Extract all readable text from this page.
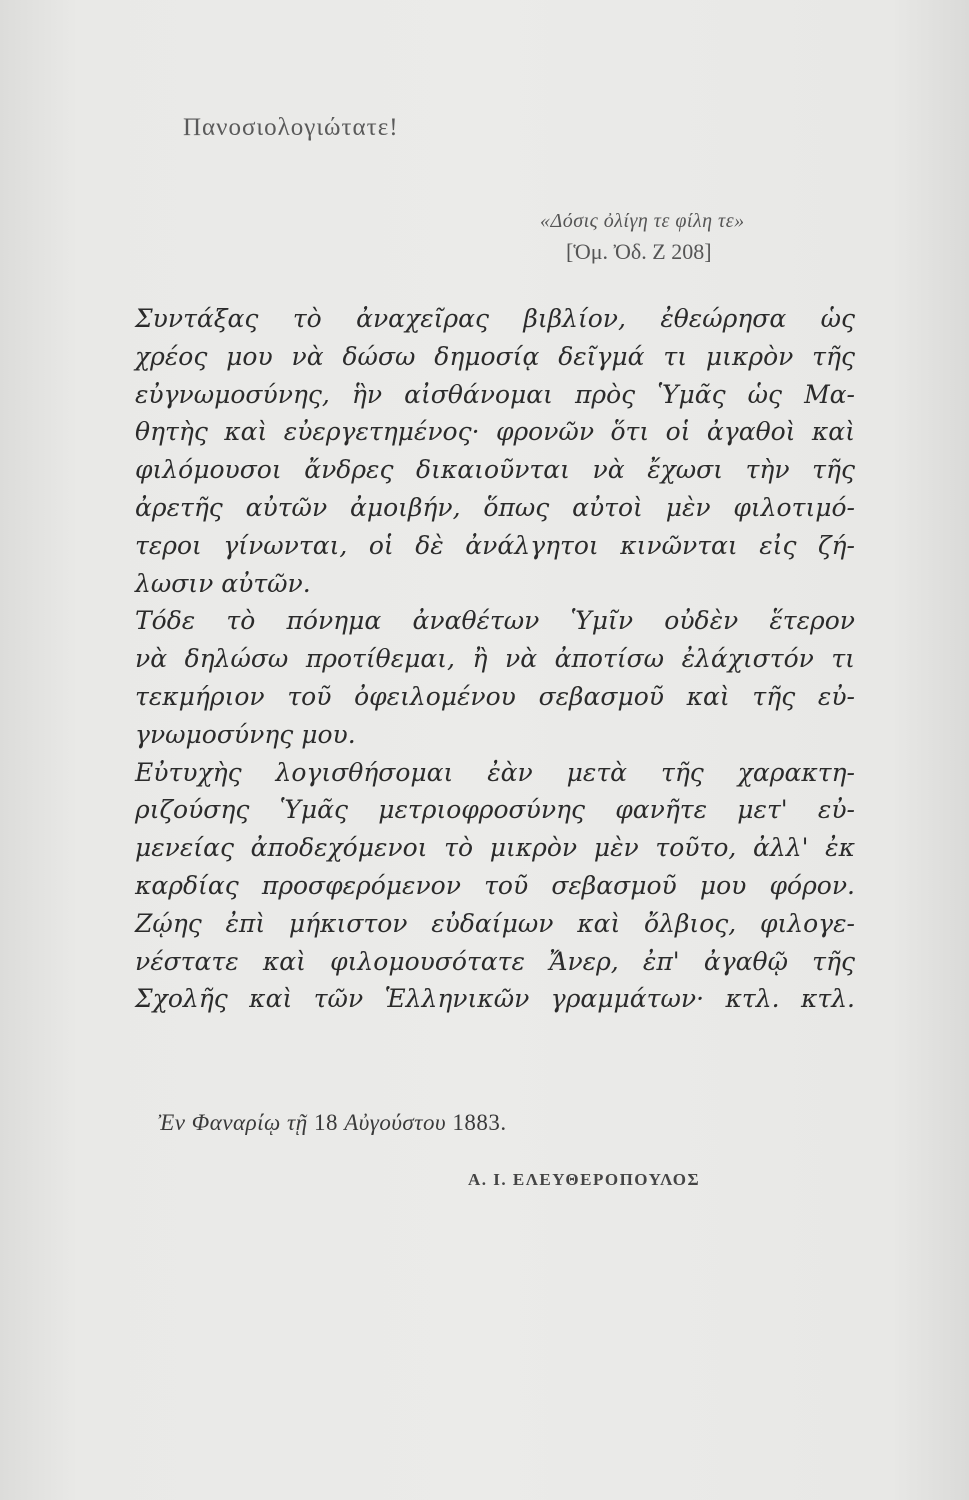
Πανοσιολογιώτατε!
«Δόσις ὀλίγη τε φίλη τε»
[Ὁμ. Ὀδ. Ζ 208]
Συντάξας τὸ ἀναχεῖρας βιβλίον, ἐθεώρησα ὡς
χρέος μου νὰ δώσω δημοσίᾳ δεῖγμά τι μικρὸν τῆς
εὐγνωμοσύνης, ἣν αἰσθάνομαι πρὸς Ὑμᾶς ὡς Μα-
θητὴς καὶ εὐεργετημένος· φρονῶν ὅτι οἱ ἀγαθοὶ καὶ
φιλόμουσοι ἄνδρες δικαιοῦνται νὰ ἔχωσι τὴν τῆς
ἀρετῆς αὐτῶν ἀμοιβήν, ὅπως αὐτοὶ μὲν φιλοτιμό-
τεροι γίνωνται, οἱ δὲ ἀνάλγητοι κινῶνται εἰς ζή-
λωσιν αὐτῶν.
Τόδε τὸ πόνημα ἀναθέτων Ὑμῖν οὐδὲν ἕτερον
νὰ δηλώσω προτίθεμαι, ἢ νὰ ἀποτίσω ἐλάχιστόν τι
τεκμήριον τοῦ ὀφειλομένου σεβασμοῦ καὶ τῆς εὐ-
γνωμοσύνης μου.
Εὐτυχὴς λογισθήσομαι ἐὰν μετὰ τῆς χαρακτη-
ριζούσης Ὑμᾶς μετριοφροσύνης φανῆτε μετ' εὐ-
μενείας ἀποδεχόμενοι τὸ μικρὸν μὲν τοῦτο, ἀλλ' ἐκ
καρδίας προσφερόμενον τοῦ σεβασμοῦ μου φόρον.
Ζῴης ἐπὶ μήκιστον εὐδαίμων καὶ ὄλβιος, φιλογε-
νέστατε καὶ φιλομουσότατε Ἄνερ, ἐπ' ἀγαθῷ τῆς
Σχολῆς καὶ τῶν Ἑλληνικῶν γραμμάτων· κτλ. κτλ.
Ἐν Φαναρίῳ τῇ 18 Αὐγούστου 1883.
Α. Ι. ΕΛΕΥΘΕΡΟΠΟΥΛΟΣ
